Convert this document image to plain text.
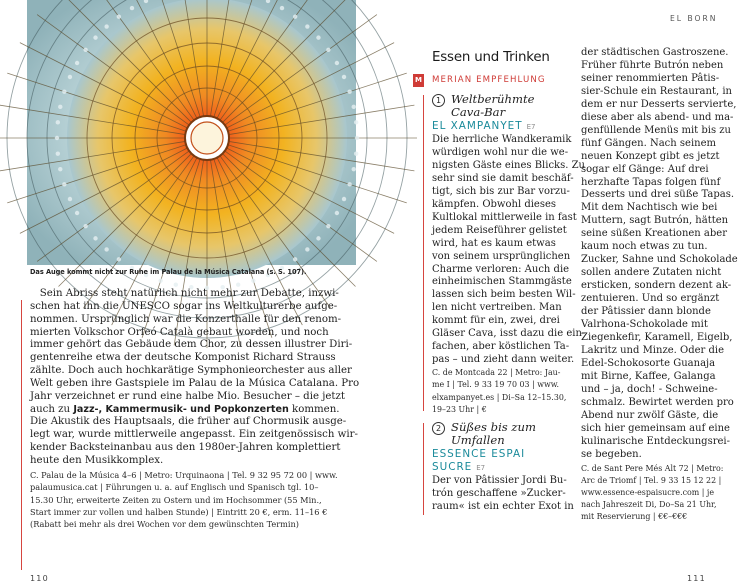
Das Auge kommt nicht zur Ruhe im Palau de la Música Catalana (s. S. 107).
Sein Abriss steht natürlich nicht mehr zur Debatte, inzwi-
schen hat ihn die UNESCO sogar ins Weltkulturerbe aufge-
nommen. Ursprünglich war die Konzerthalle für den renom-
mierten Volkschor Orfeó Català gebaut worden, und noch
immer gehört das Gebäude dem Chor, zu dessen illustrer Diri-
gentenreihe etwa der deutsche Komponist Richard Strauss
zählte. Doch auch hochkarätige Symphonieorchester aus aller
Welt geben ihre Gastspiele im Palau de la Música Catalana. Pro
Jahr verzeichnet er rund eine halbe Mio. Besucher – die jetzt
auch zu Jazz-, Kammermusik- und Popkonzerten kommen.
Die Akustik des Hauptsaals, die früher auf Chormusik ausge-
legt war, wurde mittlerweile angepasst. Ein zeitgenössisch wir-
kender Backsteinanbau aus den 1980er-Jahren komplettiert
heute den Musikkomplex.
C. Palau de la Música 4–6 | Metro: Urquinaona | Tel. 9 32 95 72 00 | www.
palaumusica.cat | Führungen u. a. auf Englisch und Spanisch tgl. 10–
15.30 Uhr, erweiterte Zeiten zu Ostern und im Hochsommer (55 Min.,
Start immer zur vollen und halben Stunde) | Eintritt 20 €, erm. 11–16 €
(Rabatt bei mehr als drei Wochen vor dem gewünschten Termin)
110	111
EL BORN
Essen und Trinken
M MERIAN EMPFEHLUNG
1 Weltberühmte
Cava-Bar
EL XAMPANYET E7
Die herrliche Wandkeramik
würdigen wohl nur die we-
nigsten Gäste eines Blicks. Zu
sehr sind sie damit beschäf-
tigt, sich bis zur Bar vorzu-
kämpfen. Obwohl dieses
Kultlokal mittlerweile in fast
jedem Reiseführer gelistet
wird, hat es kaum etwas
von seinem ursprünglichen
Charme verloren: Auch die
einheimischen Stammgäste
lassen sich beim besten Wil-
len nicht vertreiben. Man
kommt für ein, zwei, drei
Gläser Cava, isst dazu die ein-
fachen, aber köstlichen Ta-
pas – und zieht dann weiter.
C. de Montcada 22 | Metro: Jau-
me I | Tel. 9 33 19 70 03 | www.
elxampanyet.es | Di–Sa 12–15.30,
19–23 Uhr | €
2 Süßes bis zum
Umfallen
ESSENCE ESPAI
SUCRE E7
Der von Pâtissier Jordi Bu-
trón geschaffene »Zucker-
raum« ist ein echter Exot in
der städtischen Gastroszene.
Früher führte Butrón neben
seiner renommierten Pâtis-
sier-Schule ein Restaurant, in
dem er nur Desserts servierte,
diese aber als abend- und ma-
genfüllende Menüs mit bis zu
fünf Gängen. Nach seinem
neuen Konzept gibt es jetzt
sogar elf Gänge: Auf drei
herzhafte Tapas folgen fünf
Desserts und drei süße Tapas.
Mit dem Nachtisch wie bei
Muttern, sagt Butrón, hätten
seine süßen Kreationen aber
kaum noch etwas zu tun.
Zucker, Sahne und Schokolade
sollen andere Zutaten nicht
ersticken, sondern dezent ak-
zentuieren. Und so ergänzt
der Pâtissier dann blonde
Valrhona-Schokolade mit
Ziegenkefir, Karamell, Eigelb,
Lakritz und Minze. Oder die
Edel-Schokosorte Guanaja
mit Birne, Kaffee, Galanga
und – ja, doch! - Schweine-
schmalz. Bewirtet werden pro
Abend nur zwölf Gäste, die
sich hier gemeinsam auf eine
kulinarische Entdeckungsrei-
se begeben.
C. de Sant Pere Més Alt 72 | Metro:
Arc de Triomf | Tel. 9 33 15 12 22 |
www.essence-espaisucre.com | je
nach Jahreszeit Di, Do–Sa 21 Uhr,
mit Reservierung | €€–€€€
